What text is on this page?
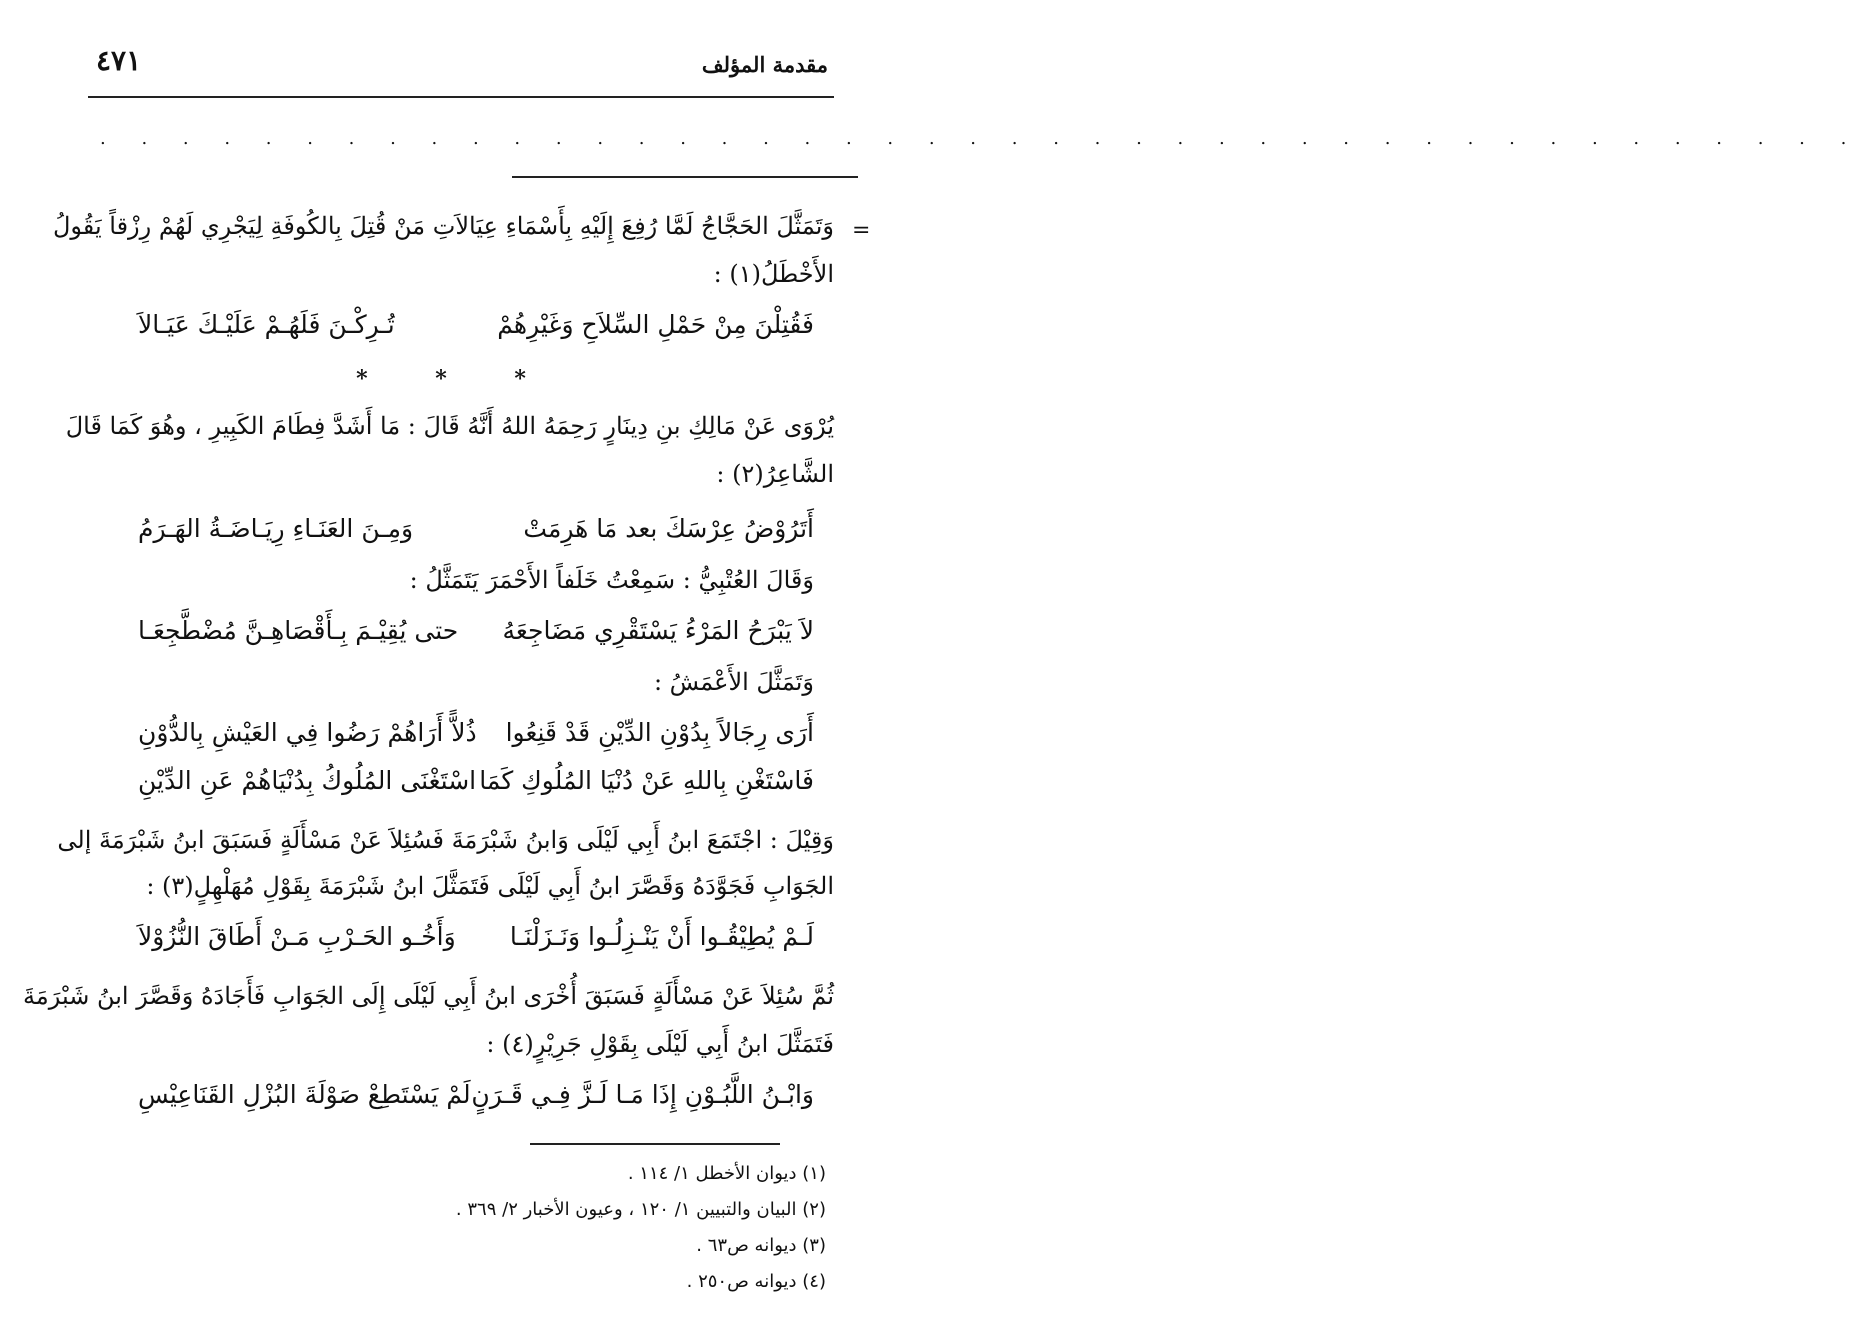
مقدمة المؤلف
٤٧١
. . . . . . . . . . . . . . . . . . . . . . . . . . . . . . . . . . . . . . . . . . .
=
وَتَمَثَّلَ الحَجَّاجُ لَمَّا رُفِعَ إِلَيْهِ بِأَسْمَاءِ عِيَالاَتِ مَنْ قُتِلَ بِالكُوفَةِ لِيَجْرِي لَهُمْ رِزْقاً يَقُولُ
الأَخْطَلُ(١) :
فَقُتِلْنَ مِنْ حَمْلِ السِّلاَحِ وَغَيْرِهُمْ
تُـرِكْـنَ فَلَهُـمْ عَلَيْـكَ عَيَـالاَ
* * *
يُرْوَى عَنْ مَالِكِ بنِ دِينَارٍ رَحِمَهُ اللهُ أَنَّهُ قَالَ : مَا أَشَدَّ فِطَامَ الكَبِيرِ ، وهُوَ كَمَا قَالَ
الشَّاعِرُ(٢) :
أَتَرُوْضُ عِرْسَكَ بعد مَا هَرِمَتْ
وَمِـنَ العَنَـاءِ رِيَـاضَـةُ الهَـرَمُ
وَقَالَ العُتْبِيُّ : سَمِعْتُ خَلَفاً الأَحْمَرَ يَتَمَثَّلُ :
لاَ يَبْرَحُ المَرْءُ يَسْتَقْرِي مَضَاجِعَهُ
حتى يُقِيْـمَ بِـأَقْصَاهِـنَّ مُضْطَّجِعَـا
وَتَمَثَّلَ الأَعْمَشُ :
أَرَى رِجَالاً بِدُوْنِ الدِّيْنِ قَدْ قَنِعُوا
ذُلاًّ أَرَاهُمْ رَضُوا فِي العَيْشِ بِالدُّوْنِ
فَاسْتَغْنِ بِاللهِ عَنْ دُنْيَا المُلُوكِ كَمَا
اسْتَغْنَى المُلُوكُ بِدُنْيَاهُمْ عَنِ الدِّيْنِ
وَقِيْلَ : اجْتَمَعَ ابنُ أَبِي لَيْلَى وَابنُ شَبْرَمَةَ فَسُئِلاَ عَنْ مَسْأَلَةٍ فَسَبَقَ ابنُ شَبْرَمَةَ إلى
الجَوَابِ فَجَوَّدَهُ وَقَصَّرَ ابنُ أَبِي لَيْلَى فَتَمَثَّلَ ابنُ شَبْرَمَةَ بِقَوْلِ مُهَلْهِلٍ(٣) :
لَـمْ يُطِيْقُـوا أَنْ يَنْـزِلُـوا وَنَـزَلْنَـا
وَأَخُـو الحَـرْبِ مَـنْ أَطَاقَ النُّزُوْلاَ
ثُمَّ سُئِلاَ عَنْ مَسْأَلَةٍ فَسَبَقَ أُخْرَى ابنُ أَبِي لَيْلَى إِلَى الجَوَابِ فَأَجَادَهُ وَقَصَّرَ ابنُ شَبْرَمَةَ
فَتَمَثَّلَ ابنُ أَبِي لَيْلَى بِقَوْلِ جَرِيْرٍ(٤) :
وَابْـنُ اللَّبُـوْنِ إِذَا مَـا لَـزَّ فِـي قَـرَنٍ
لَمْ يَسْتَطِعْ صَوْلَةَ البُزْلِ القَنَاعِيْسِ
(١) ديوان الأخطل ١/ ١١٤ .
(٢) البيان والتبيين ١/ ١٢٠ ، وعيون الأخبار ٢/ ٣٦٩ .
(٣) ديوانه ص٦٣ .
(٤) ديوانه ص٢٥٠ .
